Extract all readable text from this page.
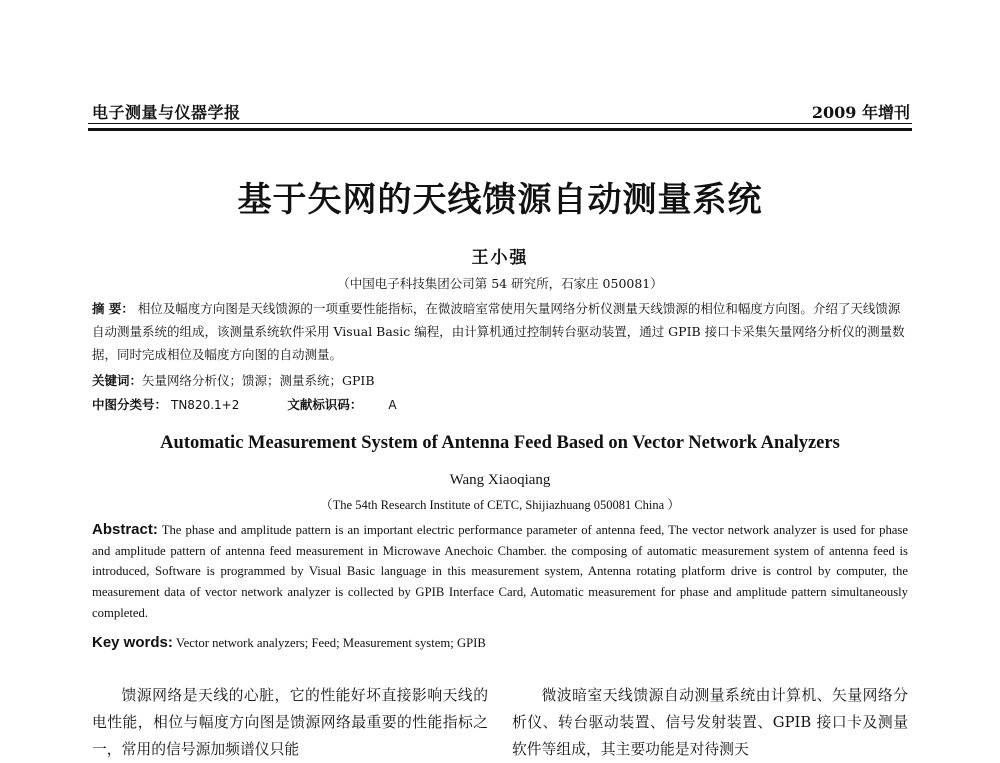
电子测量与仪器学报	2009 年增刊
基于矢网的天线馈源自动测量系统
王小强
（中国电子科技集团公司第 54 研究所，石家庄 050081）
摘 要： 相位及幅度方向图是天线馈源的一项重要性能指标，在微波暗室常使用矢量网络分析仪测量天线馈源的相位和幅度方向图。介绍了天线馈源自动测量系统的组成，该测量系统软件采用 Visual Basic 编程，由计算机通过控制转台驱动装置，通过 GPIB 接口卡采集矢量网络分析仪的测量数据，同时完成相位及幅度方向图的自动测量。
关键词：矢量网络分析仪；馈源；测量系统；GPIB
中图分类号： TN820.1+2	文献标识码： A
Automatic Measurement System of Antenna Feed Based on Vector Network Analyzers
Wang Xiaoqiang
（The 54th Research Institute of CETC, Shijiazhuang 050081 China ）
Abstract: The phase and amplitude pattern is an important electric performance parameter of antenna feed, The vector network analyzer is used for phase and amplitude pattern of antenna feed measurement in Microwave Anechoic Chamber. the composing of automatic measurement system of antenna feed is introduced, Software is programmed by Visual Basic language in this measurement system, Antenna rotating platform drive is control by computer, the measurement data of vector network analyzer is collected by GPIB Interface Card, Automatic measurement for phase and amplitude pattern simultaneously completed.
Key words: Vector network analyzers; Feed; Measurement system; GPIB

馈源网络是天线的心脏，它的性能好坏直接影响天线的电性能，相位与幅度方向图是馈源网络最重要的性能指标之一，常用的信号源加频谱仪只能

微波暗室天线馈源自动测量系统由计算机、矢量网络分析仪、转台驱动装置、信号发射装置、GPIB 接口卡及测量软件等组成，其主要功能是对待测天
